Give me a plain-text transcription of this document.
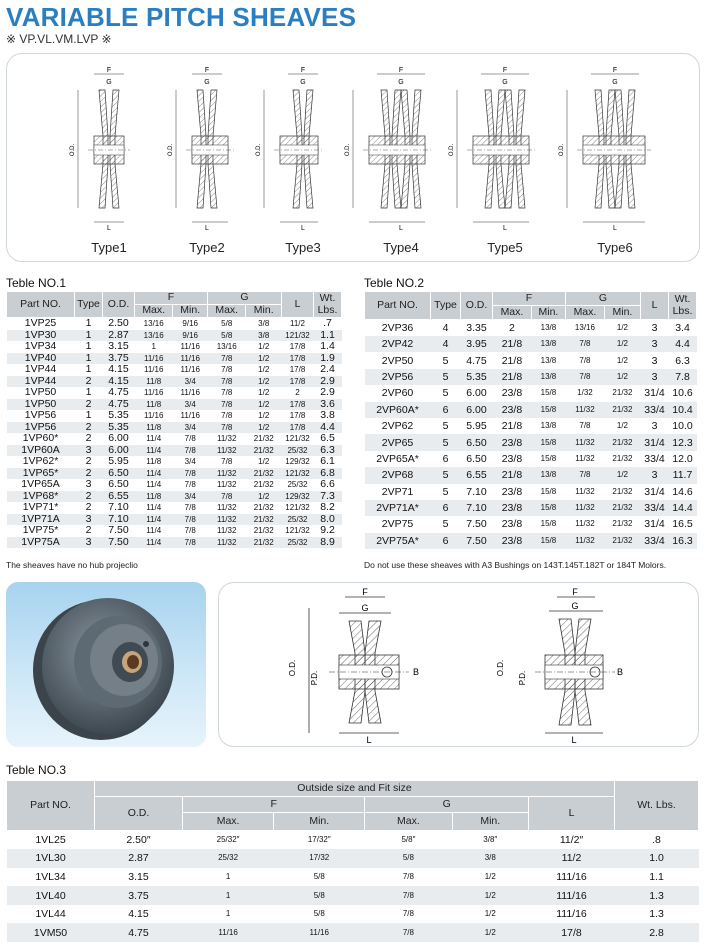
VARIABLE PITCH SHEAVES
※ VP.VL.VM.LVP ※
F
G
O.D.
L
Type1
F
G
O.D.
L
Type2
F
G
O.D.
L
Type3
F
G
O.D.
L
Type4
F
G
O.D.
L
Type5
F
G
O.D.
L
Type6
Teble NO.1
Part NO.	Type	O.D.	F		G		L	Wt. Lbs.
			Max.	Min.	Max.	Min.		
1VP25	1	2.50	13/16	9/16	5/8	3/8	11/2	.7
1VP30	1	2.87	13/16	9/16	5/8	3/8	121/32	1.1
1VP34	1	3.15	1	11/16	13/16	1/2	17/8	1.4
1VP40	1	3.75	11/16	11/16	7/8	1/2	17/8	1.9
1VP44	1	4.15	11/16	11/16	7/8	1/2	17/8	2.4
1VP44	2	4.15	11/8	3/4	7/8	1/2	17/8	2.9
1VP50	1	4.75	11/16	11/16	7/8	1/2	2	2.9
1VP50	2	4.75	11/8	3/4	7/8	1/2	17/8	3.6
1VP56	1	5.35	11/16	11/16	7/8	1/2	17/8	3.8
1VP56	2	5.35	11/8	3/4	7/8	1/2	17/8	4.4
1VP60*	2	6.00	11/4	7/8	11/32	21/32	121/32	6.5
1VP60A	3	6.00	11/4	7/8	11/32	21/32	25/32	6.3
1VP62*	2	5.95	11/8	3/4	7/8	1/2	129/32	6.1
1VP65*	2	6.50	11/4	7/8	11/32	21/32	121/32	6.8
1VP65A	3	6.50	11/4	7/8	11/32	21/32	25/32	6.6
1VP68*	2	6.55	11/8	3/4	7/8	1/2	129/32	7.3
1VP71*	2	7.10	11/4	7/8	11/32	21/32	121/32	8.2
1VP71A	3	7.10	11/4	7/8	11/32	21/32	25/32	8.0
1VP75*	2	7.50	11/4	7/8	11/32	21/32	121/32	9.2
1VP75A	3	7.50	11/4	7/8	11/32	21/32	25/32	8.9
The sheaves have no hub projeclio
Teble NO.2
Part NO.	Type	O.D.	F		G		L	Wt. Lbs.
			Max.	Min.	Max.	Min.		
2VP36	4	3.35	2	13/8	13/16	1/2	3	3.4
2VP42	4	3.95	21/8	13/8	7/8	1/2	3	4.4
2VP50	5	4.75	21/8	13/8	7/8	1/2	3	6.3
2VP56	5	5.35	21/8	13/8	7/8	1/2	3	7.8
2VP60	5	6.00	23/8	15/8	1/32	21/32	31/4	10.6
2VP60A*	6	6.00	23/8	15/8	11/32	21/32	33/4	10.4
2VP62	5	5.95	21/8	13/8	7/8	1/2	3	10.0
2VP65	5	6.50	23/8	15/8	11/32	21/32	31/4	12.3
2VP65A*	6	6.50	23/8	15/8	11/32	21/32	33/4	12.0
2VP68	5	6.55	21/8	13/8	7/8	1/2	3	11.7
2VP71	5	7.10	23/8	15/8	11/32	21/32	31/4	14.6
2VP71A*	6	7.10	23/8	15/8	11/32	21/32	33/4	14.4
2VP75	5	7.50	23/8	15/8	11/32	21/32	31/4	16.5
2VP75A*	6	7.50	23/8	15/8	11/32	21/32	33/4	16.3
Do not use these sheaves with A3 Bushings on 143T.145T.182T or 184T Molors.
F
G
O.D.
P.D.
L
B
F
G
O.D.
P.D.
L
B
Teble NO.3
Part NO.	Outside size and Fit size						Wt. Lbs.
	O.D.	F		G		L	
		Max.	Min.	Max.	Min.		
1VL25	2.50″	25/32″	17/32″	5/8″	3/8″	11/2″	.8
1VL30	2.87	25/32	17/32	5/8	3/8	11/2	1.0
1VL34	3.15	1	5/8	7/8	1/2	111/16	1.1
1VL40	3.75	1	5/8	7/8	1/2	111/16	1.3
1VL44	4.15	1	5/8	7/8	1/2	111/16	1.3
1VM50	4.75	11/16	11/16	7/8	1/2	17/8	2.8
